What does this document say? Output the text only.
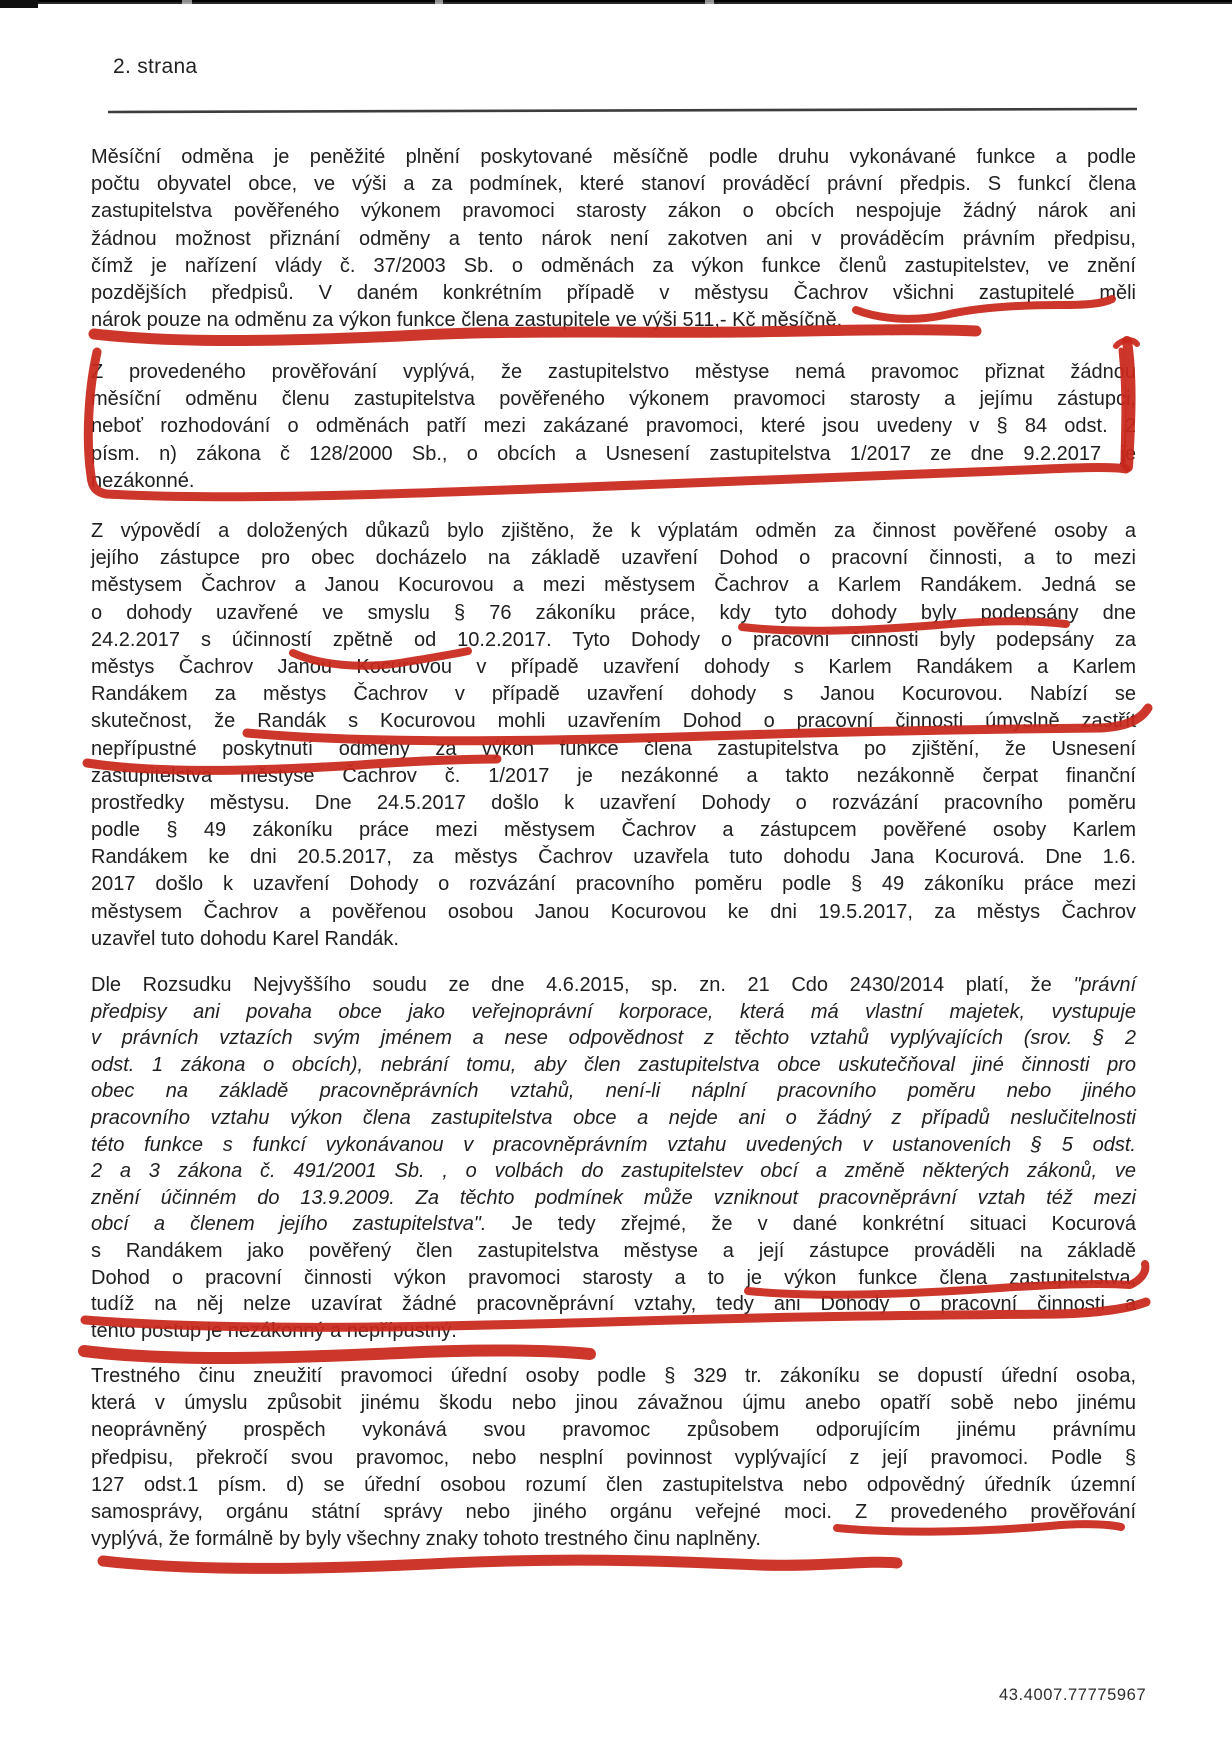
2. strana
Měsíční odměna je peněžité plnění poskytované měsíčně podle druhu vykonávané funkce a podle
počtu obyvatel obce, ve výši a za podmínek, které stanoví prováděcí právní předpis. S funkcí člena
zastupitelstva pověřeného výkonem pravomoci starosty zákon o obcích nespojuje žádný nárok ani
žádnou možnost přiznání odměny a tento nárok není zakotven ani v prováděcím právním předpisu,
čímž je nařízení vlády č. 37/2003 Sb. o odměnách za výkon funkce členů zastupitelstev, ve znění
pozdějších předpisů. V daném konkrétním případě v městysu Čachrov všichni zastupitelé měli
nárok pouze na odměnu za výkon funkce člena zastupitele ve výši 511,- Kč měsíčně.
Z provedeného prověřování vyplývá, že zastupitelstvo městyse nemá pravomoc přiznat žádnou
měsíční odměnu členu zastupitelstva pověřeného výkonem pravomoci starosty a jejímu zástupci,
neboť rozhodování o odměnách patří mezi zakázané pravomoci, které jsou uvedeny v § 84 odst. 2
písm. n) zákona č 128/2000 Sb., o obcích a Usnesení zastupitelstva 1/2017 ze dne 9.2.2017 je
nezákonné.
Z výpovědí a doložených důkazů bylo zjištěno, že k výplatám odměn za činnost pověřené osoby a
jejího zástupce pro obec docházelo na základě uzavření Dohod o pracovní činnosti, a to mezi
městysem Čachrov a Janou Kocurovou a mezi městysem Čachrov a Karlem Randákem. Jedná se
o dohody uzavřené ve smyslu § 76 zákoníku práce, kdy tyto dohody byly podepsány dne
24.2.2017 s účinností zpětně od 10.2.2017. Tyto Dohody o pracovní činnosti byly podepsány za
městys Čachrov Janou Kocurovou v případě uzavření dohody s Karlem Randákem a Karlem
Randákem za městys Čachrov v případě uzavření dohody s Janou Kocurovou. Nabízí se
skutečnost, že Randák s Kocurovou mohli uzavřením Dohod o pracovní činnosti úmyslně zastřít
nepřípustné poskytnutí odměny za výkon funkce člena zastupitelstva po zjištění, že Usnesení
zastupitelstva městyse Čachrov č. 1/2017 je nezákonné a takto nezákonně čerpat finanční
prostředky městysu. Dne 24.5.2017 došlo k uzavření Dohody o rozvázání pracovního poměru
podle § 49 zákoníku práce mezi městysem Čachrov a zástupcem pověřené osoby Karlem
Randákem ke dni 20.5.2017, za městys Čachrov uzavřela tuto dohodu Jana Kocurová. Dne 1.6.
2017 došlo k uzavření Dohody o rozvázání pracovního poměru podle § 49 zákoníku práce mezi
městysem Čachrov a pověřenou osobou Janou Kocurovou ke dni 19.5.2017, za městys Čachrov
uzavřel tuto dohodu Karel Randák.
Dle Rozsudku Nejvyššího soudu ze dne 4.6.2015, sp. zn. 21 Cdo 2430/2014 platí, že "právní
předpisy ani povaha obce jako veřejnoprávní korporace, která má vlastní majetek, vystupuje
v právních vztazích svým jménem a nese odpovědnost z těchto vztahů vyplývajících (srov. § 2
odst. 1 zákona o obcích), nebrání tomu, aby člen zastupitelstva obce uskutečňoval jiné činnosti pro
obec na základě pracovněprávních vztahů, není-li náplní pracovního poměru nebo jiného
pracovního vztahu výkon člena zastupitelstva obce a nejde ani o žádný z případů neslučitelnosti
této funkce s funkcí vykonávanou v pracovněprávním vztahu uvedených v ustanoveních § 5 odst.
2 a 3 zákona č. 491/2001 Sb. , o volbách do zastupitelstev obcí a změně některých zákonů, ve
znění účinném do 13.9.2009. Za těchto podmínek může vzniknout pracovněprávní vztah též mezi
obcí a členem jejího zastupitelstva". Je tedy zřejmé, že v dané konkrétní situaci Kocurová
s Randákem jako pověřený člen zastupitelstva městyse a její zástupce prováděli na základě
Dohod o pracovní činnosti výkon pravomoci starosty a to je výkon funkce člena zastupitelstva,
tudíž na něj nelze uzavírat žádné pracovněprávní vztahy, tedy ani Dohody o pracovní činnosti a
tento postup je nezákonný a nepřípustný.
Trestného činu zneužití pravomoci úřední osoby podle § 329 tr. zákoníku se dopustí úřední osoba,
která v úmyslu způsobit jinému škodu nebo jinou závažnou újmu anebo opatří sobě nebo jinému
neoprávněný prospěch vykonává svou pravomoc způsobem odporujícím jinému právnímu
předpisu, překročí svou pravomoc, nebo nesplní povinnost vyplývající z její pravomoci. Podle §
127 odst.1 písm. d) se úřední osobou rozumí člen zastupitelstva nebo odpovědný úředník územní
samosprávy, orgánu státní správy nebo jiného orgánu veřejné moci. Z provedeného prověřování
vyplývá, že formálně by byly všechny znaky tohoto trestného činu naplněny.
43.4007.77775967
